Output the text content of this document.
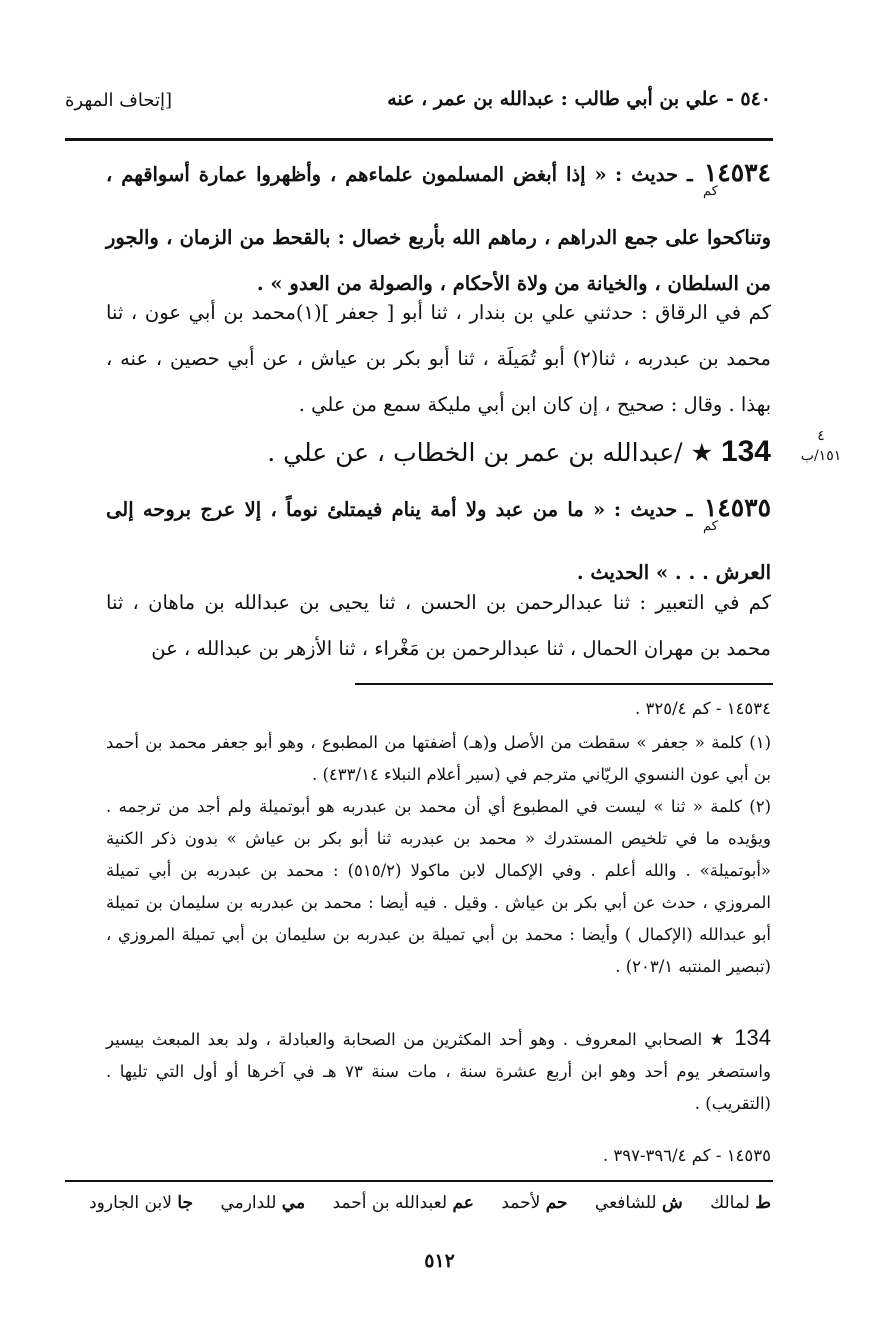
٥٤٠ - علي بن أبي طالب : عبدالله بن عمر ، عنه
[إتحاف المهرة
$١٤٥٣٤_{كم}$ ـ حديث : « إذا أبغض المسلمون علماءهم ، وأظهروا عمارة أسواقهم ، وتناكحوا على جمع الدراهم ، رماهم الله بأربع خصال : بالقحط من الزمان ، والجور من السلطان ، والخيانة من ولاة الأحكام ، والصولة من العدو » .
كم في الرقاق : حدثني علي بن بندار ، ثنا أبو [ جعفر ](١)محمد بن أبي عون ، ثنا محمد بن عبدربه ، ثنا(٢) أبو تُمَيلَة ، ثنا أبو بكر بن عياش ، عن أبي حصين ، عنه ، بهذا . وقال : صحيح ، إن كان ابن أبي مليكة سمع من علي .
134 ★ /عبدالله بن عمر بن الخطاب ، عن علي .
٤
١٥١/ب
$١٤٥٣٥_{كم}$ ـ حديث : « ما من عبد ولا أمة ينام فيمتلئ نوماً ، إلا عرج بروحه إلى العرش . . . » الحديث .
كم في التعبير : ثنا عبدالرحمن بن الحسن ، ثنا يحيى بن عبدالله بن ماهان ، ثنا محمد بن مهران الحمال ، ثنا عبدالرحمن بن مَغْراء ، ثنا الأزهر بن عبدالله ، عن
١٤٥٣٤ - كم ٣٢٥/٤ .
(١) كلمة « جعفر » سقطت من الأصل و(هـ) أضفتها من المطبوع ، وهو أبو جعفر محمد بن أحمد بن أبي عون النسوي الريّاني مترجم في (سير أعلام النبلاء ٤٣٣/١٤) .
(٢) كلمة « ثنا » ليست في المطبوع أي أن محمد بن عبدربه هو أبوتميلة ولم أجد من ترجمه . ويؤيده ما في تلخيص المستدرك « محمد بن عبدربه ثنا أبو بكر بن عياش » بدون ذكر الكنية «أبوتميلة» . والله أعلم . وفي الإكمال لابن ماكولا (٥١٥/٢) : محمد بن عبدربه بن أبي تميلة المروزي ، حدث عن أبي بكر بن عياش . وقيل . فيه أيضا : محمد بن عبدربه بن سليمان بن تميلة أبو عبدالله (الإكمال ) وأيضا : محمد بن أبي تميلة بن عبدربه بن سليمان بن أبي تميلة المروزي ، (تبصير المنتبه ٢٠٣/١) .
134 ★ الصحابي المعروف . وهو أحد المكثرين من الصحابة والعبادلة ، ولد بعد المبعث بيسير واستصغر يوم أحد وهو ابن أربع عشرة سنة ، مات سنة ٧٣ هـ في آخرها أو أول التي تليها . (التقريب) .
١٤٥٣٥ - كم ٣٩٦/٤-٣٩٧ .
ط لمالك ش للشافعي حم لأحمد عم لعبدالله بن أحمد مي للدارمي جا لابن الجارود
٥١٢
